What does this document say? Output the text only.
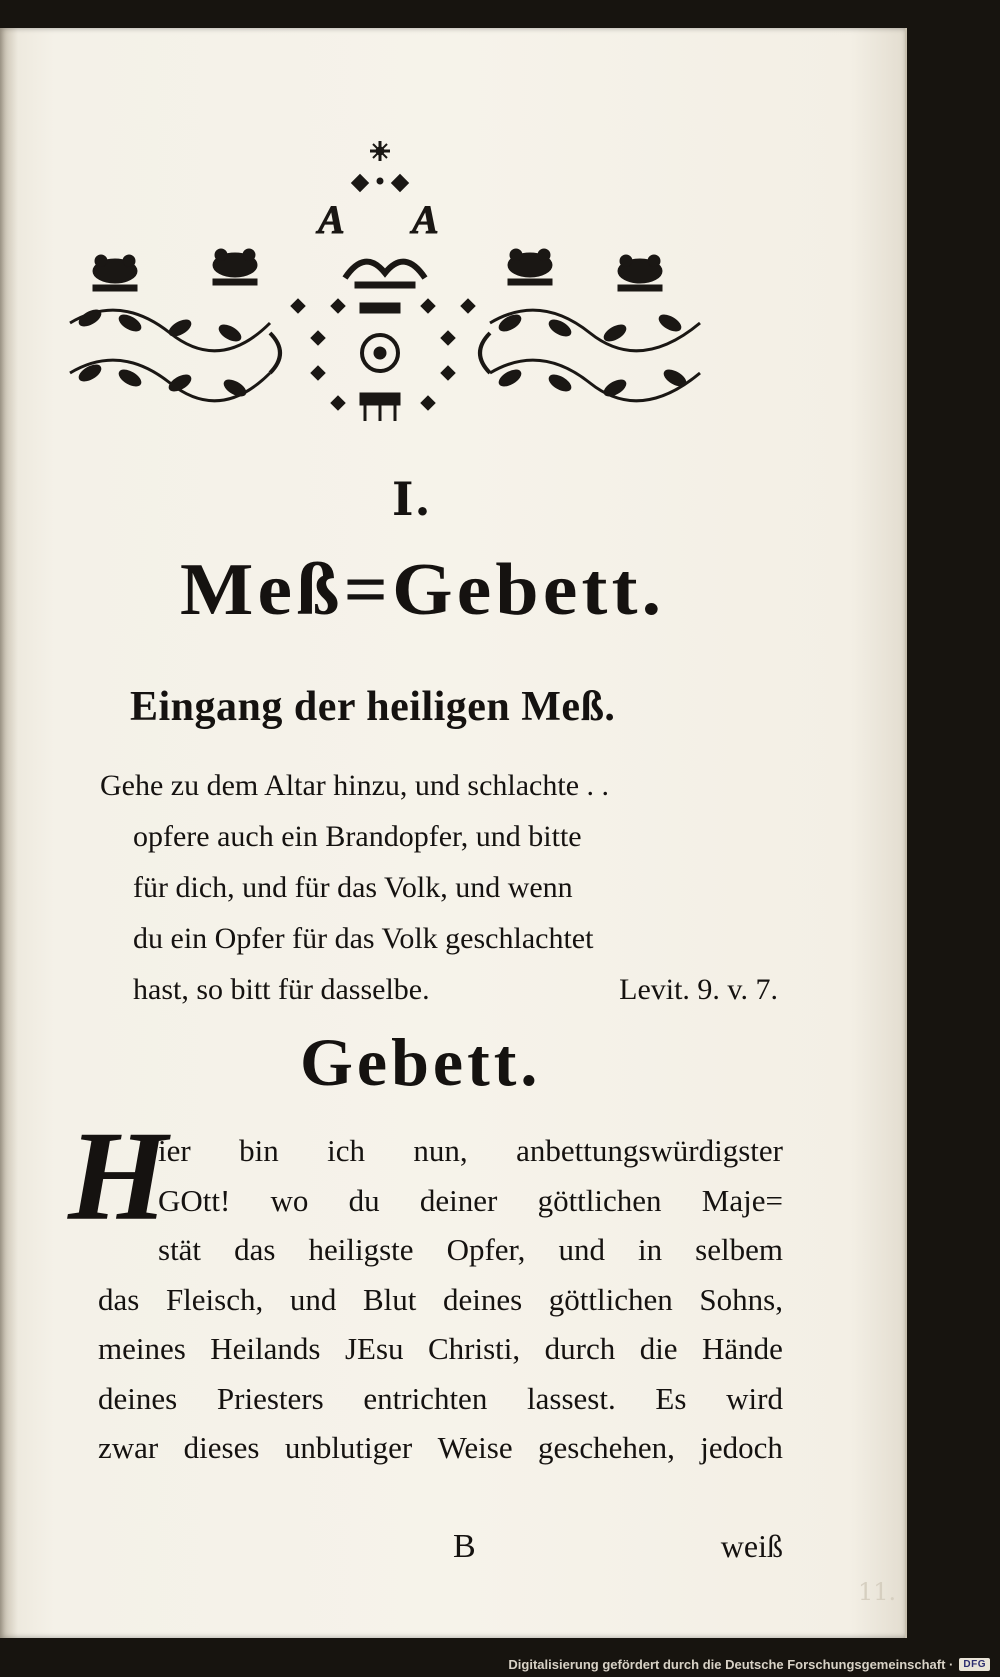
A A
I.
Meß=Gebett.
Eingang der heiligen Meß.
Gehe zu dem Altar hinzu, und schlachte . .
opfere auch ein Brandopfer, und bitte
für dich, und für das Volk, und wenn
du ein Opfer für das Volk geschlachtet
hast, so bitt für dasselbe.	Levit. 9. v. 7.
Gebett.
H
ier bin ich nun, anbettungswürdigster
GOtt! wo du deiner göttlichen Maje=
stät das heiligste Opfer, und in selbem
das Fleisch, und Blut deines göttlichen Sohns,
meines Heilands JEsu Christi, durch die Hände
deines Priesters entrichten lassest. Es wird
zwar dieses unblutiger Weise geschehen, jedoch
B	weiß
11.
Digitalisierung gefördert durch die Deutsche Forschungsgemeinschaft ·	DFG
